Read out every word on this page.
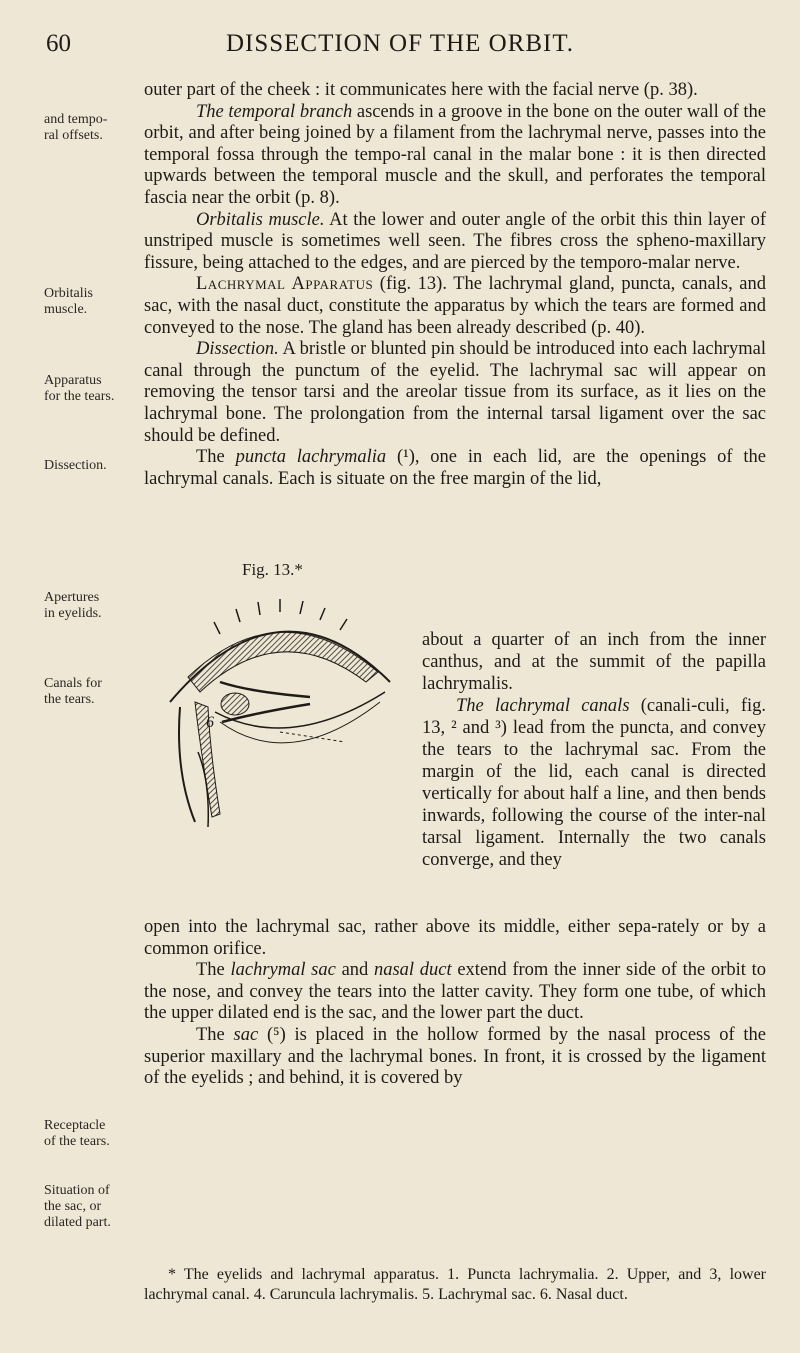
60	DISSECTION OF THE ORBIT.
and tempo-
ral offsets.
Orbitalis
muscle.
Apparatus
for the tears.
Dissection.
Apertures
in eyelids.
Canals for
the tears.
Receptacle
of the tears.
Situation of
the sac, or
dilated part.

outer part of the cheek : it communicates here with the facial nerve (p. 38).

The temporal branch ascends in a groove in the bone on the outer wall of the orbit, and after being joined by a filament from the lachrymal nerve, passes into the temporal fossa through the tempo-ral canal in the malar bone : it is then directed upwards between the temporal muscle and the skull, and perforates the temporal fascia near the orbit (p. 8).

Orbitalis muscle. At the lower and outer angle of the orbit this thin layer of unstriped muscle is sometimes well seen. The fibres cross the spheno-maxillary fissure, being attached to the edges, and are pierced by the temporo-malar nerve.

Lachrymal Apparatus (fig. 13). The lachrymal gland, puncta, canals, and sac, with the nasal duct, constitute the apparatus by which the tears are formed and conveyed to the nose. The gland has been already described (p. 40).

Dissection. A bristle or blunted pin should be introduced into each lachrymal canal through the punctum of the eyelid. The lachrymal sac will appear on removing the tensor tarsi and the areolar tissue from its surface, as it lies on the lachrymal bone. The prolongation from the internal tarsal ligament over the sac should be defined.

The puncta lachrymalia (¹), one in each lid, are the openings of the lachrymal canals. Each is situate on the free margin of the lid,

about a quarter of an inch from the inner canthus, and at the summit of the papilla lachrymalis.

The lachrymal canals (canali-culi, fig. 13, ² and ³) lead from the puncta, and convey the tears to the lachrymal sac. From the margin of the lid, each canal is directed vertically for about half a line, and then bends inwards, following the course of the inter-nal tarsal ligament. Internally the two canals converge, and they

Fig. 13.*
6

open into the lachrymal sac, rather above its middle, either sepa-rately or by a common orifice.

The lachrymal sac and nasal duct extend from the inner side of the orbit to the nose, and convey the tears into the latter cavity. They form one tube, of which the upper dilated end is the sac, and the lower part the duct.

The sac (⁵) is placed in the hollow formed by the nasal process of the superior maxillary and the lachrymal bones. In front, it is crossed by the ligament of the eyelids ; and behind, it is covered by

* The eyelids and lachrymal apparatus. 1. Puncta lachrymalia. 2. Upper, and 3, lower lachrymal canal. 4. Caruncula lachrymalis. 5. Lachrymal sac. 6. Nasal duct.
